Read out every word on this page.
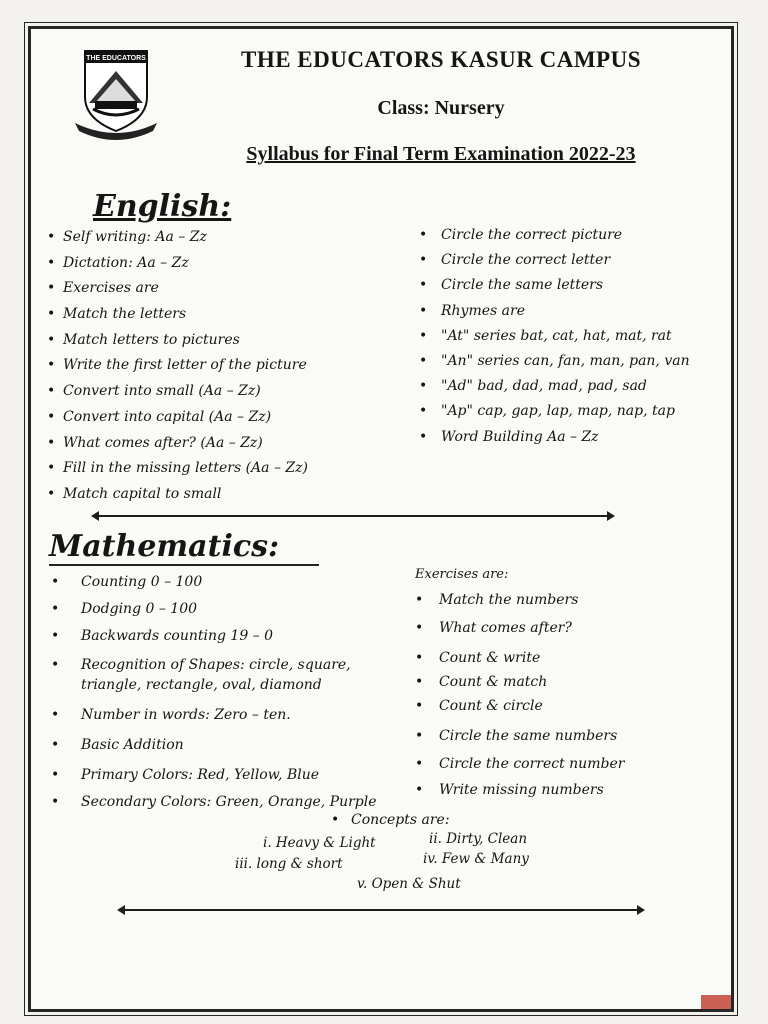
THE EDUCATORS	THE EDUCATORS KASUR CAMPUS
Class: Nursery
Syllabus for Final Term Examination 2022-23
English:
• Self writing: Aa – Zz
• Dictation: Aa – Zz
• Exercises are
• Match the letters
• Match letters to pictures
• Write the first letter of the picture
• Convert into small (Aa – Zz)
• Convert into capital (Aa – Zz)
• What comes after? (Aa – Zz)
• Fill in the missing letters (Aa – Zz)
• Match capital to small
• Circle the correct picture
• Circle the correct letter
• Circle the same letters
• Rhymes are
• "At" series bat, cat, hat, mat, rat
• "An" series can, fan, man, pan, van
• "Ad" bad, dad, mad, pad, sad
• "Ap" cap, gap, lap, map, nap, tap
• Word Building Aa – Zz
Mathematics:
• Counting 0 – 100
• Dodging 0 – 100
• Backwards counting 19 – 0
• Recognition of Shapes: circle, square, triangle, rectangle, oval, diamond
• Number in words: Zero – ten.
• Basic Addition
• Primary Colors: Red, Yellow, Blue
• Secondary Colors: Green, Orange, Purple
Exercises are:
• Match the numbers
• What comes after?
• Count & write
• Count & match
• Count & circle
• Circle the same numbers
• Circle the correct number
• Write missing numbers
• Concepts are:
i. Heavy & Light	ii. Dirty, Clean
iii. long & short	iv. Few & Many
v. Open & Shut
